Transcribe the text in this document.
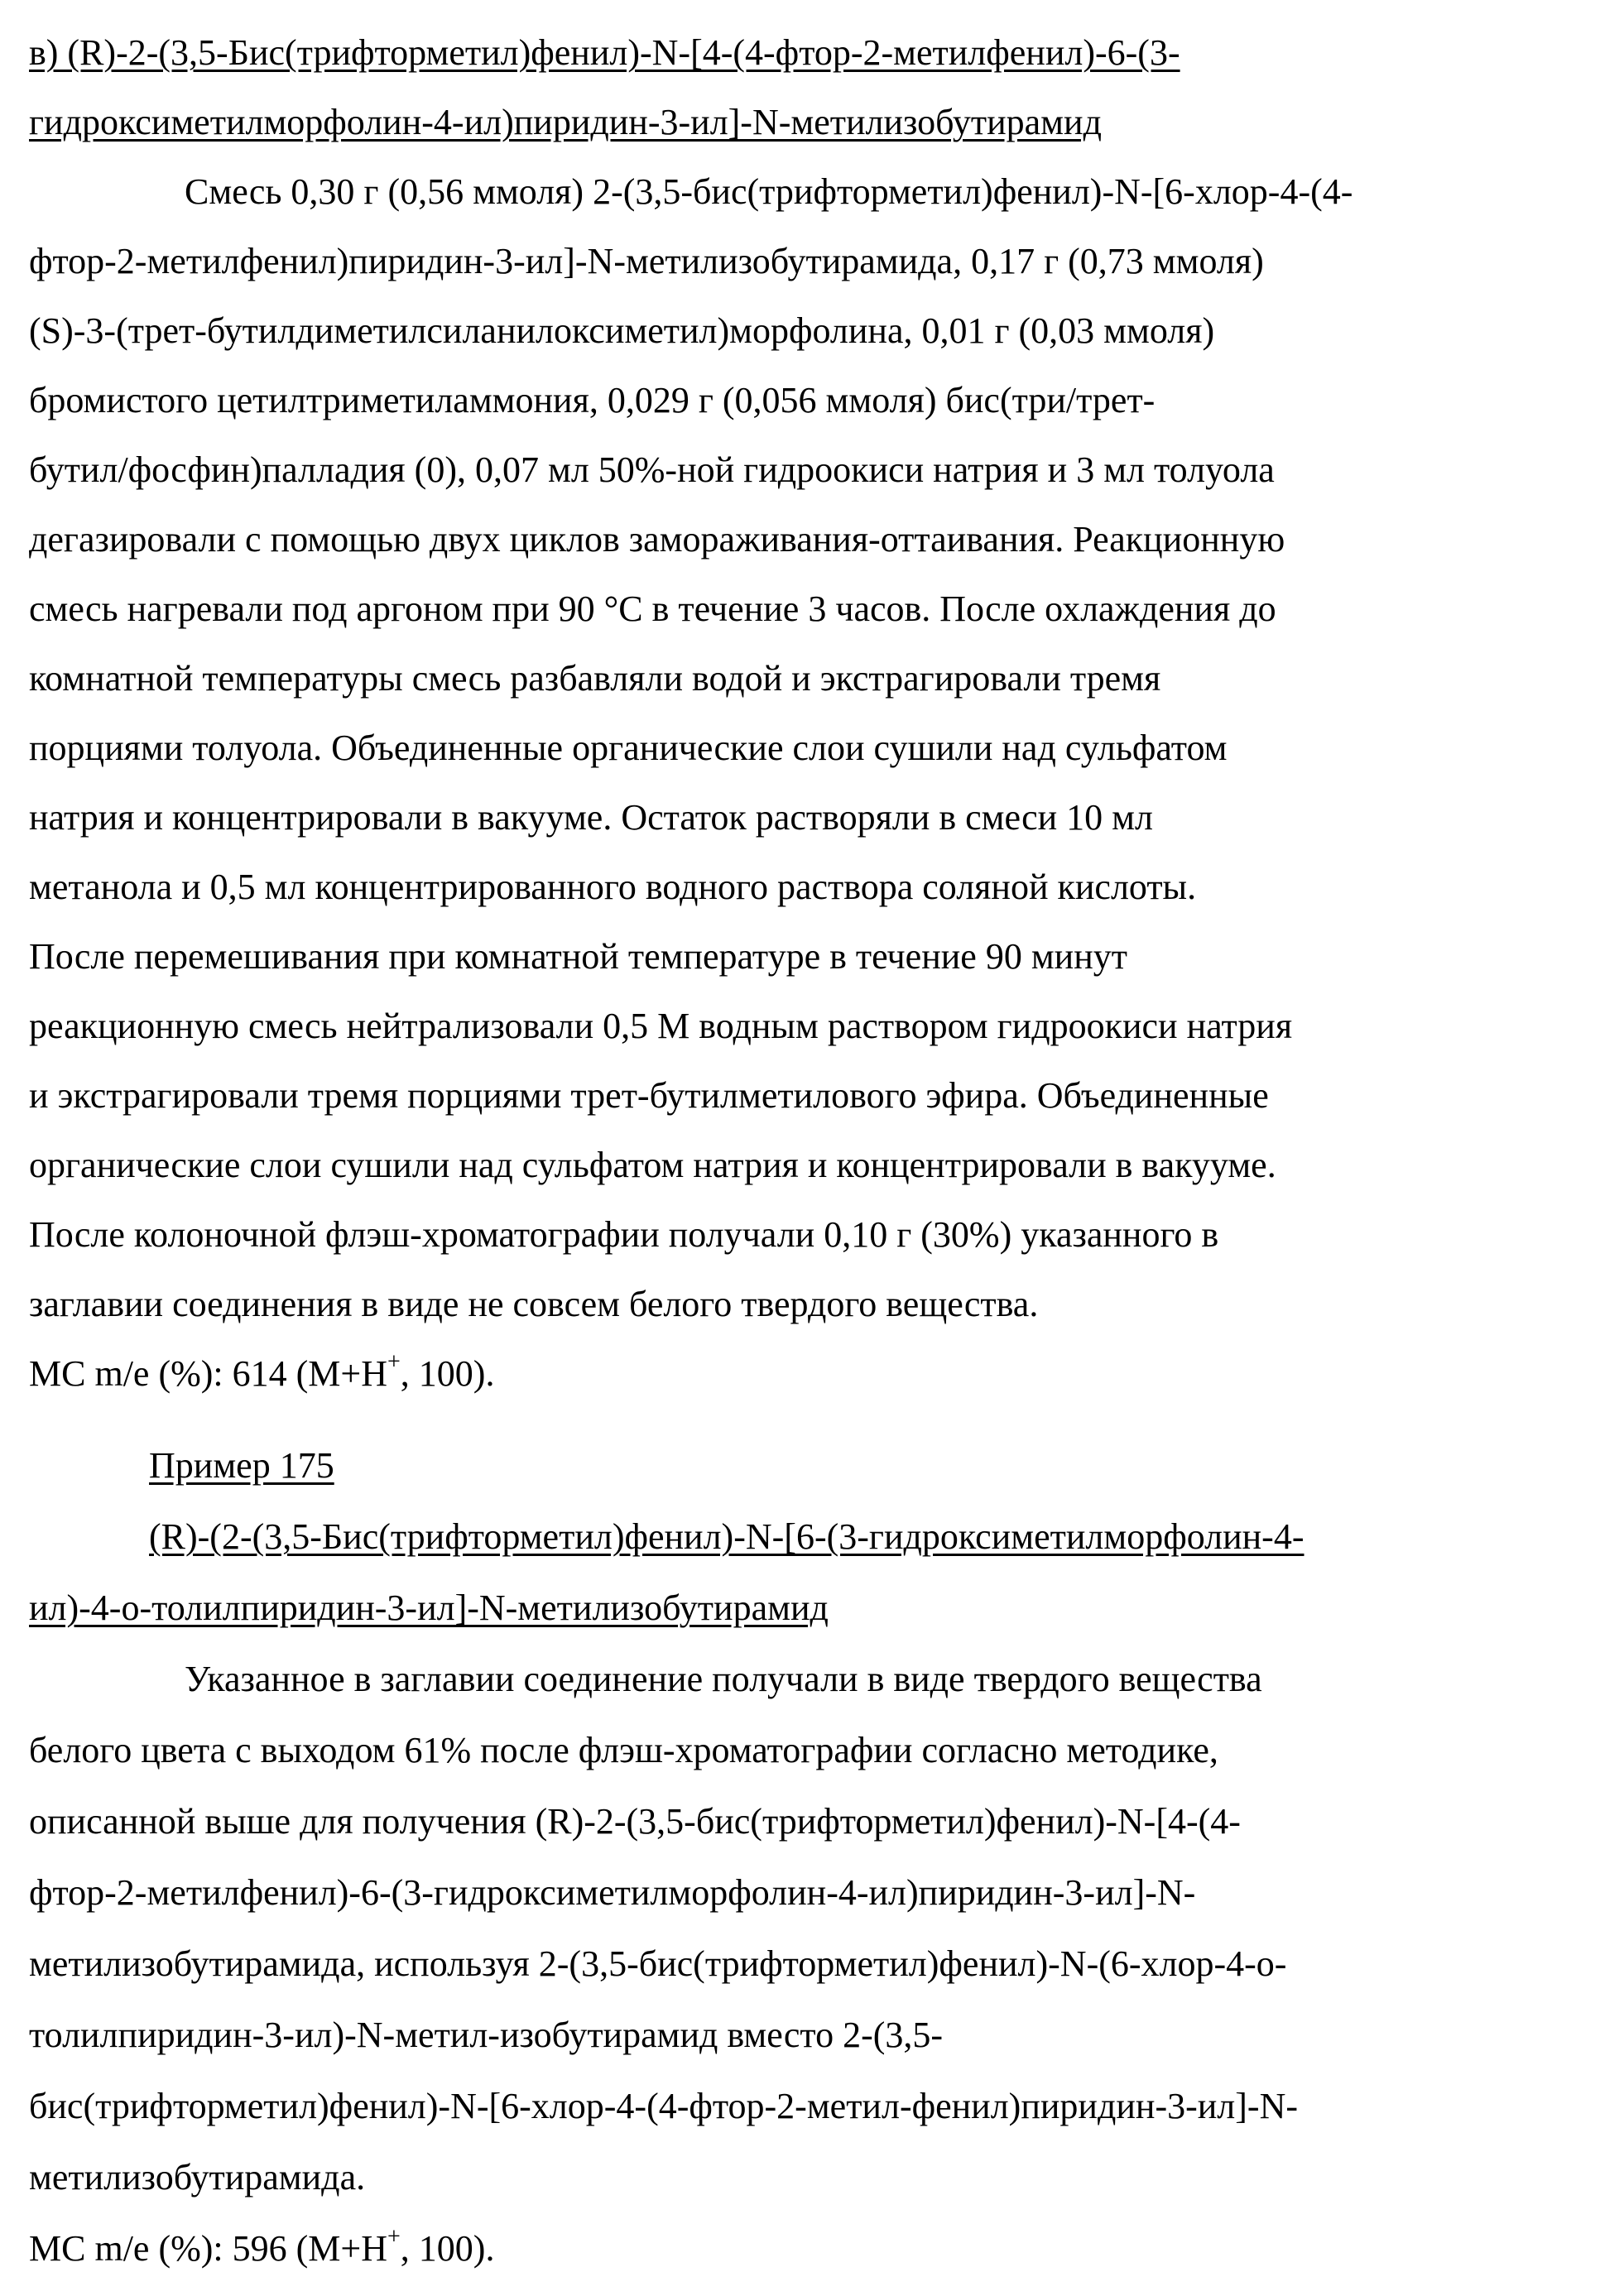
в) (R)-2-(3,5-Бис(трифторметил)фенил)-N-[4-(4-фтор-2-метилфенил)-6-(3-
гидроксиметилморфолин-4-ил)пиридин-3-ил]-N-метилизобутирамид
Смесь 0,30 г (0,56 ммоля) 2-(3,5-бис(трифторметил)фенил)-N-[6-хлор-4-(4-
фтор-2-метилфенил)пиридин-3-ил]-N-метилизобутирамида, 0,17 г (0,73 ммоля)
(S)-3-(трет-бутилдиметилсиланилоксиметил)морфолина, 0,01 г (0,03 ммоля)
бромистого цетилтриметиламмония, 0,029 г (0,056 ммоля) бис(три/трет-
бутил/фосфин)палладия (0), 0,07 мл 50%-ной гидроокиси натрия и 3 мл толуола
дегазировали с помощью двух циклов замораживания-оттаивания. Реакционную
смесь нагревали под аргоном при 90 °C в течение 3 часов. После охлаждения до
комнатной температуры смесь разбавляли водой и экстрагировали тремя
порциями толуола. Объединенные органические слои сушили над сульфатом
натрия и концентрировали в вакууме. Остаток растворяли в смеси 10 мл
метанола и 0,5 мл концентрированного водного раствора соляной кислоты.
После перемешивания при комнатной температуре в течение 90 минут
реакционную смесь нейтрализовали 0,5 М водным раствором гидроокиси натрия
и экстрагировали тремя порциями трет-бутилметилового эфира. Объединенные
органические слои сушили над сульфатом натрия и концентрировали в вакууме.
После колоночной флэш-хроматографии получали 0,10 г (30%) указанного в
заглавии соединения в виде не совсем белого твердого вещества.
МС m/e (%): 614 (M+H+, 100).
Пример 175
(R)-(2-(3,5-Бис(трифторметил)фенил)-N-[6-(3-гидроксиметилморфолин-4-
ил)-4-о-толилпиридин-3-ил]-N-метилизобутирамид
Указанное в заглавии соединение получали в виде твердого вещества
белого цвета с выходом 61% после флэш-хроматографии согласно методике,
описанной выше для получения (R)-2-(3,5-бис(трифторметил)фенил)-N-[4-(4-
фтор-2-метилфенил)-6-(3-гидроксиметилморфолин-4-ил)пиридин-3-ил]-N-
метилизобутирамида, используя 2-(3,5-бис(трифторметил)фенил)-N-(6-хлор-4-о-
толилпиридин-3-ил)-N-метил-изобутирамид вместо 2-(3,5-
бис(трифторметил)фенил)-N-[6-хлор-4-(4-фтор-2-метил-фенил)пиридин-3-ил]-N-
метилизобутирамида.
МС m/e (%): 596 (M+H+, 100).
